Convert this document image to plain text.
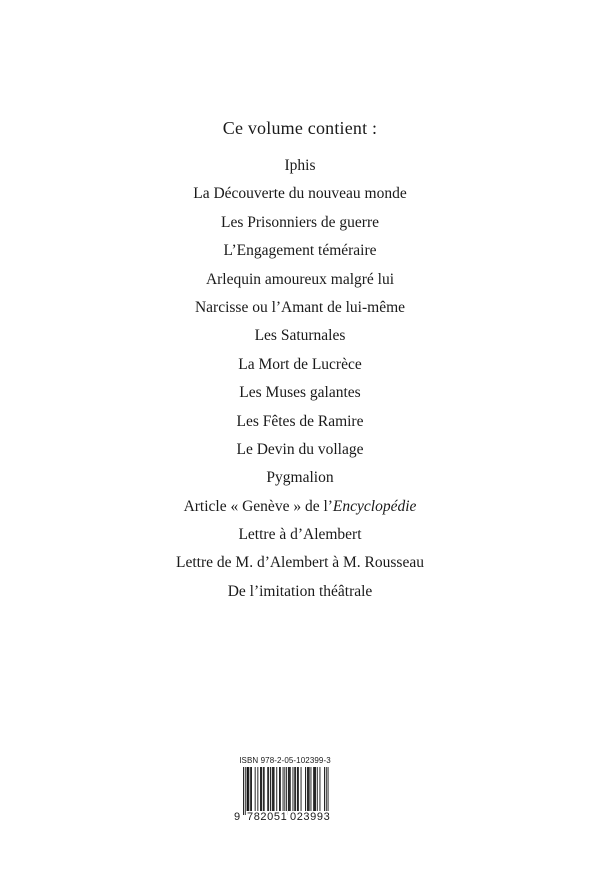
Ce volume contient :
Iphis
La Découverte du nouveau monde
Les Prisonniers de guerre
L’Engagement téméraire
Arlequin amoureux malgré lui
Narcisse ou l’Amant de lui-même
Les Saturnales
La Mort de Lucrèce
Les Muses galantes
Les Fêtes de Ramire
Le Devin du vollage
Pygmalion
Article « Genève » de l’Encyclopédie
Lettre à d’Alembert
Lettre de M. d’Alembert à M. Rousseau
De l’imitation théâtrale
ISBN 978-2-05-102399-3
9 782051 023993
